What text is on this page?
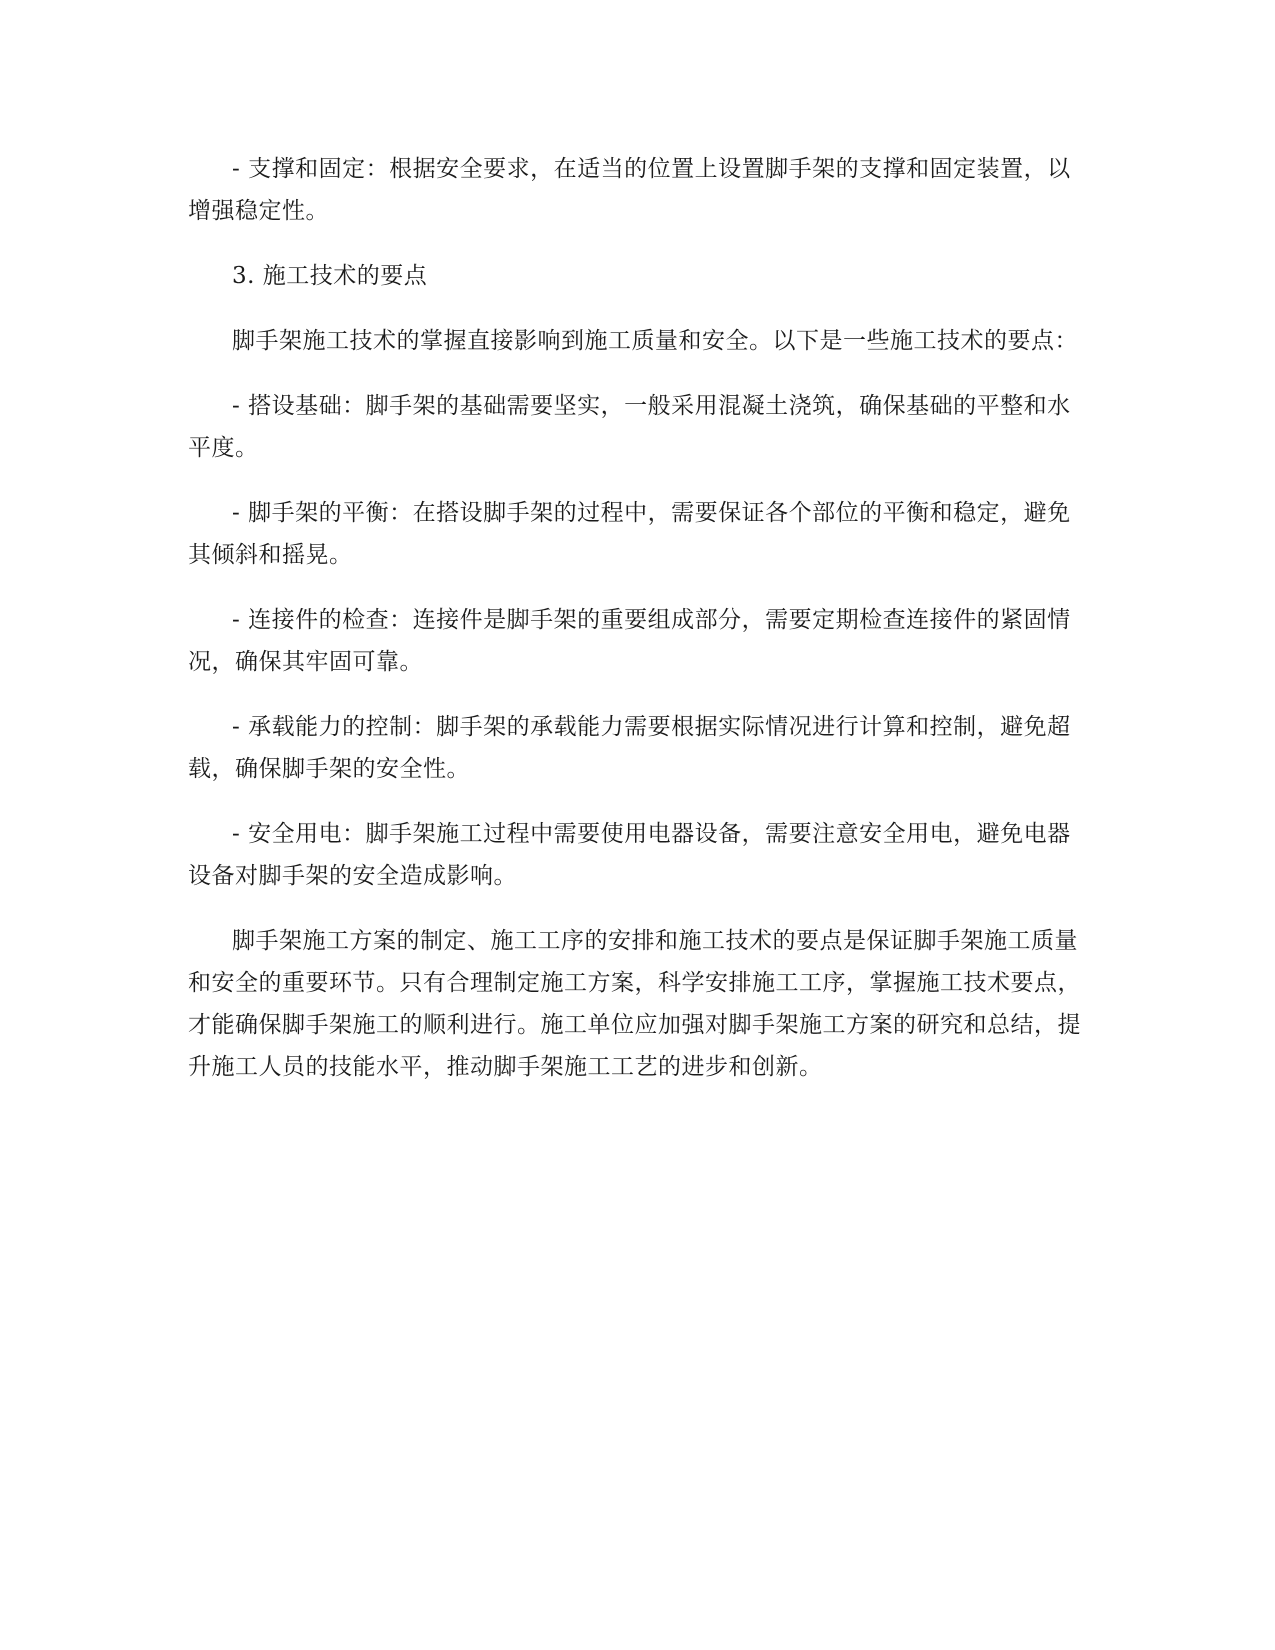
- 支撑和固定：根据安全要求，在适当的位置上设置脚手架的支撑和固定装置，以增强稳定性。

3. 施工技术的要点

脚手架施工技术的掌握直接影响到施工质量和安全。以下是一些施工技术的要点：

- 搭设基础：脚手架的基础需要坚实，一般采用混凝土浇筑，确保基础的平整和水平度。

- 脚手架的平衡：在搭设脚手架的过程中，需要保证各个部位的平衡和稳定，避免其倾斜和摇晃。

- 连接件的检查：连接件是脚手架的重要组成部分，需要定期检查连接件的紧固情况，确保其牢固可靠。

- 承载能力的控制：脚手架的承载能力需要根据实际情况进行计算和控制，避免超载，确保脚手架的安全性。

- 安全用电：脚手架施工过程中需要使用电器设备，需要注意安全用电，避免电器设备对脚手架的安全造成影响。

脚手架施工方案的制定、施工工序的安排和施工技术的要点是保证脚手架施工质量和安全的重要环节。只有合理制定施工方案，科学安排施工工序，掌握施工技术要点，才能确保脚手架施工的顺利进行。施工单位应加强对脚手架施工方案的研究和总结，提升施工人员的技能水平，推动脚手架施工工艺的进步和创新。
